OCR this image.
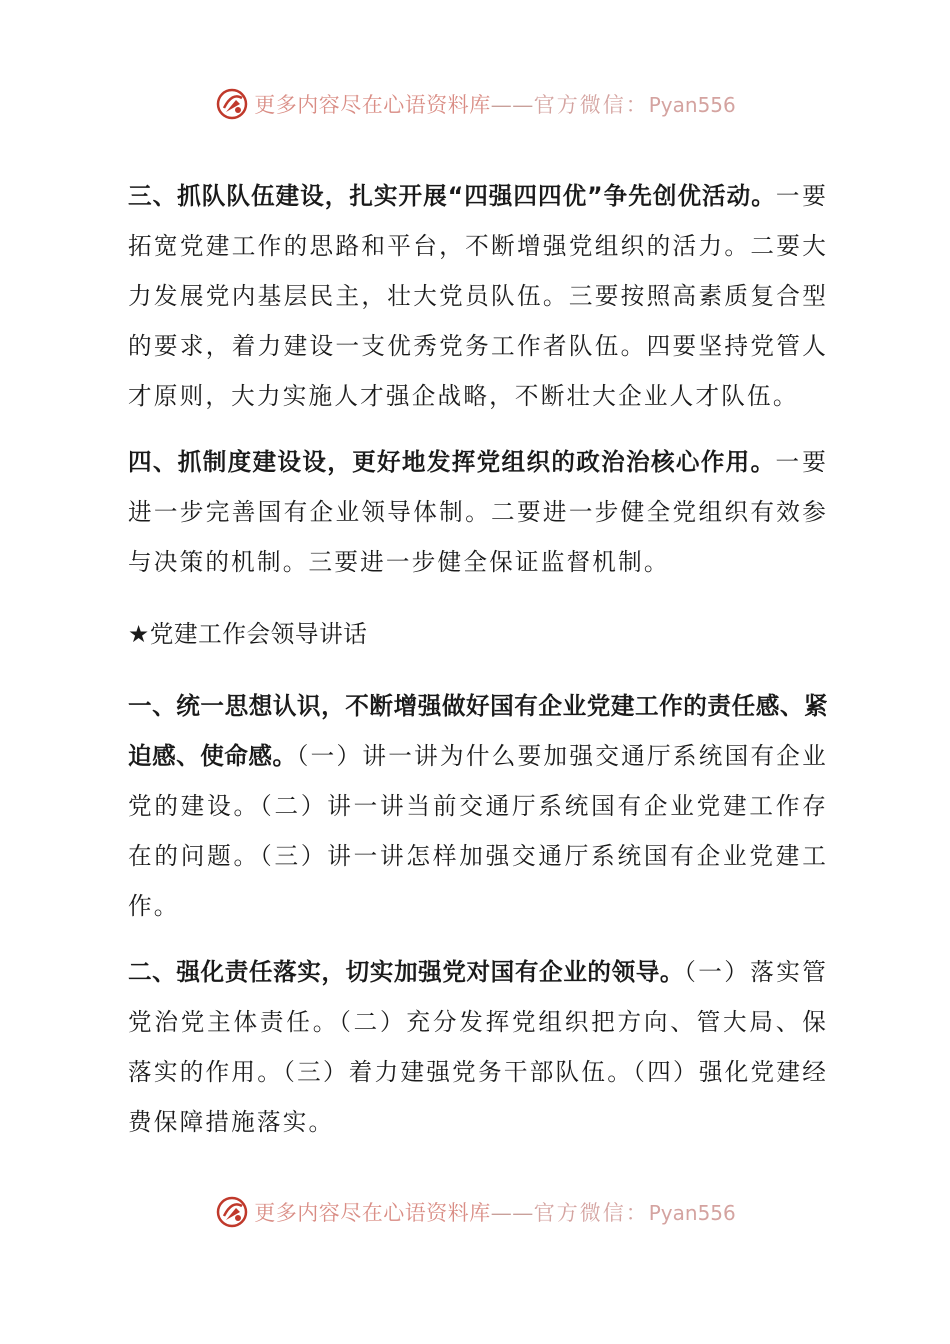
更多内容尽在心语资料库——官方微信：Pyan556

三、抓队队伍建设，扎实开展“四强四四优”争先创优活动。一要拓宽党建工作的思路和平台，不断增强党组织的活力。二要大力发展党内基层民主，壮大党员队伍。三要按照高素质复合型的要求，着力建设一支优秀党务工作者队伍。四要坚持党管人才原则，大力实施人才强企战略，不断壮大企业人才队伍。

四、抓制度建设设，更好地发挥党组织的政治治核心作用。一要进一步完善国有企业领导体制。二要进一步健全党组织有效参与决策的机制。三要进一步健全保证监督机制。

★党建工作会领导讲话

一、统一思想认识，不断增强做好国有企业党建工作的责任感、紧迫感、使命感。（一）讲一讲为什么要加强交通厅系统国有企业党的建设。（二）讲一讲当前交通厅系统国有企业党建工作存在的问题。（三）讲一讲怎样加强交通厅系统国有企业党建工作。

二、强化责任落实，切实加强党对国有企业的领导。（一）落实管党治党主体责任。（二）充分发挥党组织把方向、管大局、保落实的作用。（三）着力建强党务干部队伍。（四）强化党建经费保障措施落实。

更多内容尽在心语资料库——官方微信：Pyan556
